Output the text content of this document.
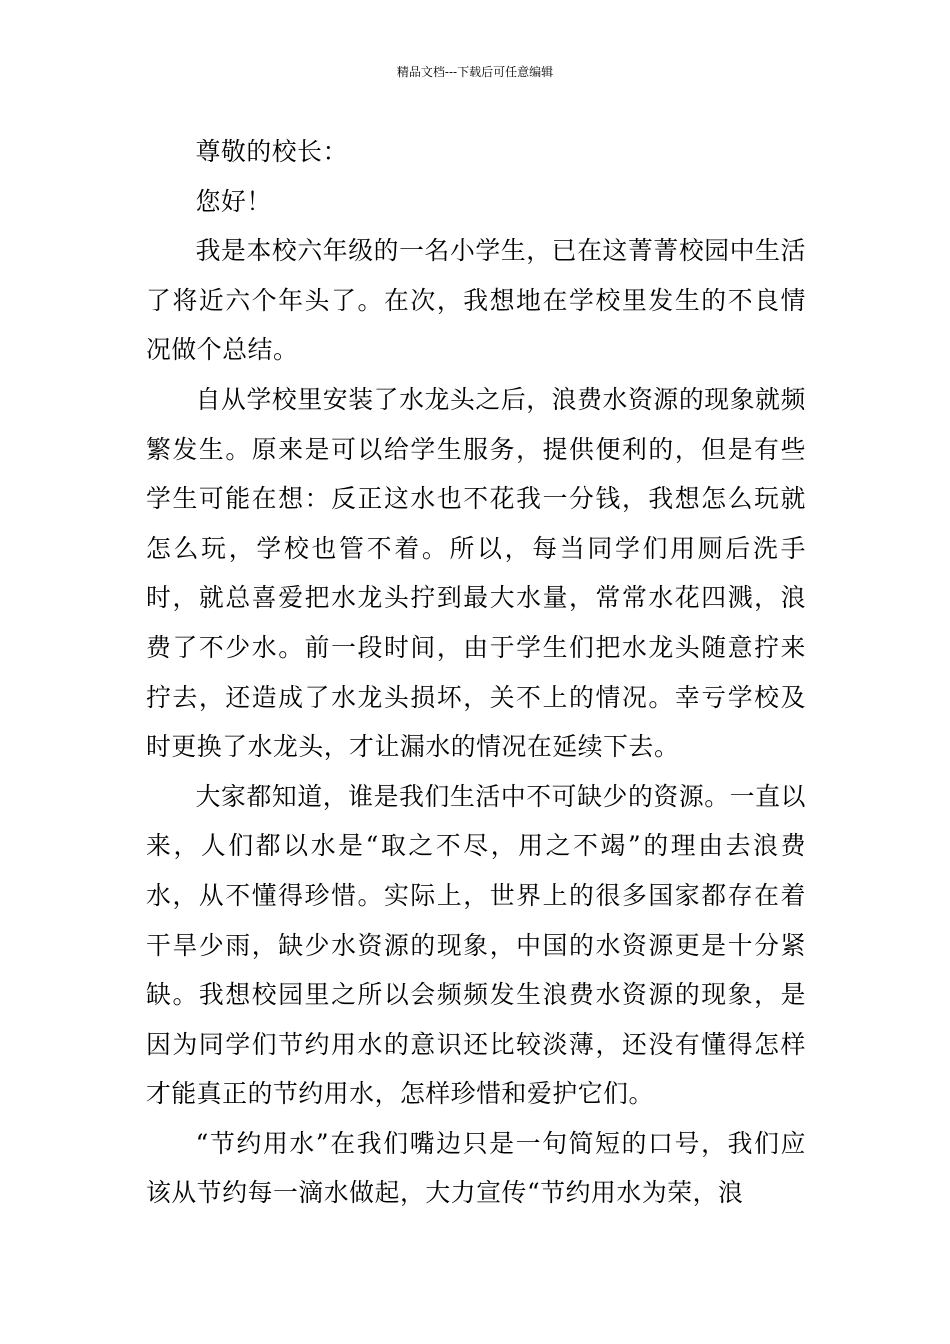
精品文档---下载后可任意编辑

尊敬的校长：

您好！

我是本校六年级的一名小学生，已在这菁菁校园中生活了将近六个年头了。在次，我想地在学校里发生的不良情况做个总结。

自从学校里安装了水龙头之后，浪费水资源的现象就频繁发生。原来是可以给学生服务，提供便利的，但是有些学生可能在想：反正这水也不花我一分钱，我想怎么玩就怎么玩，学校也管不着。所以，每当同学们用厕后洗手时，就总喜爱把水龙头拧到最大水量，常常水花四溅，浪费了不少水。前一段时间，由于学生们把水龙头随意拧来拧去，还造成了水龙头损坏，关不上的情况。幸亏学校及时更换了水龙头，才让漏水的情况在延续下去。

大家都知道，谁是我们生活中不可缺少的资源。一直以来，人们都以水是“取之不尽，用之不竭”的理由去浪费水，从不懂得珍惜。实际上，世界上的很多国家都存在着干旱少雨，缺少水资源的现象，中国的水资源更是十分紧缺。我想校园里之所以会频频发生浪费水资源的现象，是因为同学们节约用水的意识还比较淡薄，还没有懂得怎样才能真正的节约用水，怎样珍惜和爱护它们。

“节约用水”在我们嘴边只是一句简短的口号，我们应该从节约每一滴水做起，大力宣传“节约用水为荣，浪
